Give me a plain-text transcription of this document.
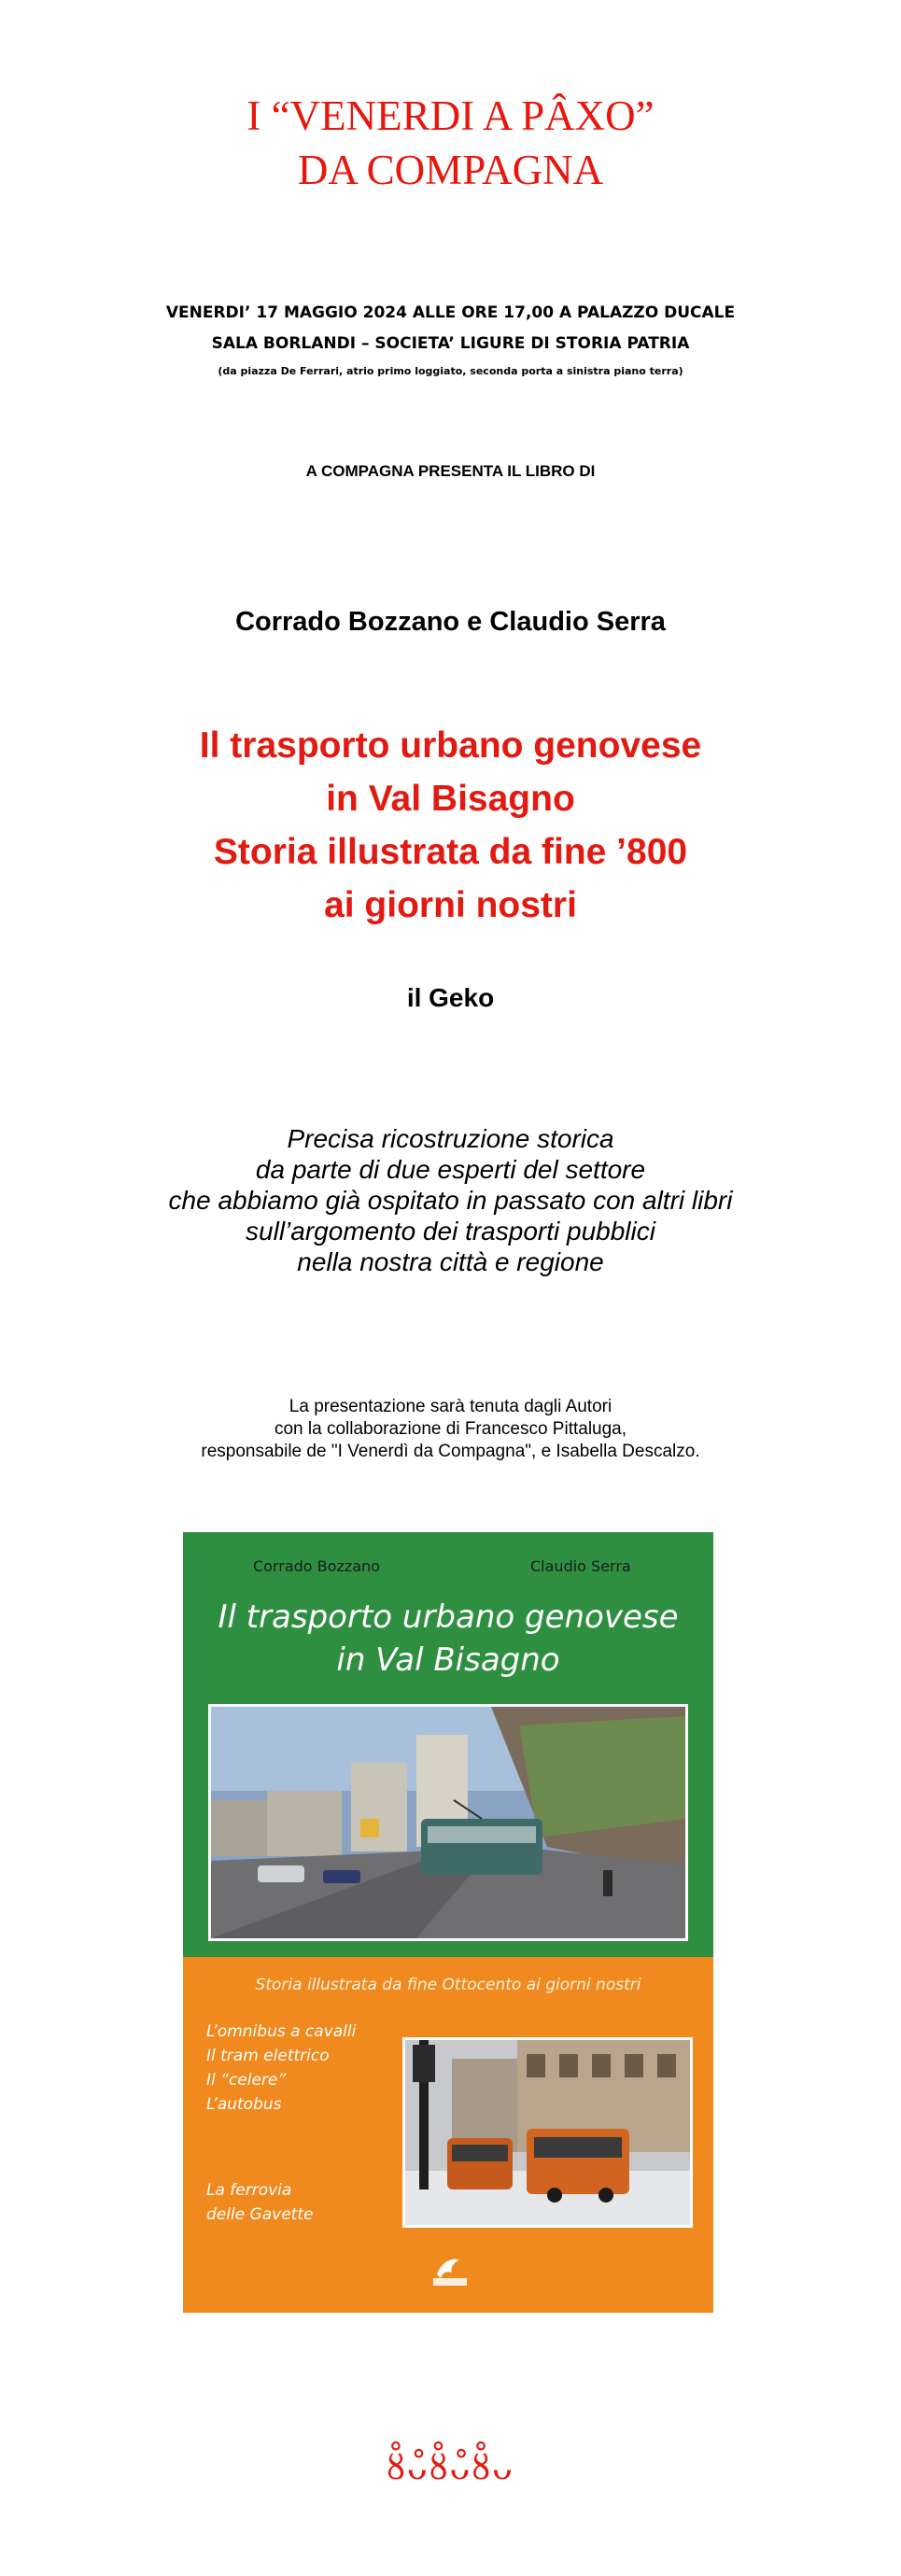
I “VENERDI A PÂXO”
DA COMPAGNA
VENERDI’ 17 MAGGIO 2024 ALLE ORE 17,00 A PALAZZO DUCALE
SALA BORLANDI – SOCIETA’ LIGURE DI STORIA PATRIA
(da piazza De Ferrari, atrio primo loggiato, seconda porta a sinistra piano terra)
A COMPAGNA PRESENTA IL LIBRO DI
Corrado Bozzano e Claudio Serra
Il trasporto urbano genovese
in Val Bisagno
Storia illustrata da fine ’800
ai giorni nostri
il Geko
Precisa ricostruzione storica
da parte di due esperti del settore
che abbiamo già ospitato in passato con altri libri
sull’argomento dei trasporti pubblici
nella nostra città e regione
La presentazione sarà tenuta dagli Autori
con la collaborazione di Francesco Pittaluga,
responsabile de "I Venerdì da Compagna", e Isabella Descalzo.
Corrado Bozzano	Claudio Serra
Il trasporto urbano genovese
in Val Bisagno
Storia illustrata da fine Ottocento ai giorni nostri
L’omnibus a cavalli
Il tram elettrico
Il “celere”
L’autobus
La ferrovia
delle Gavette
ȣ̊ᴗ̊ȣ̊ᴗ̊ȣ̊ᴗ
